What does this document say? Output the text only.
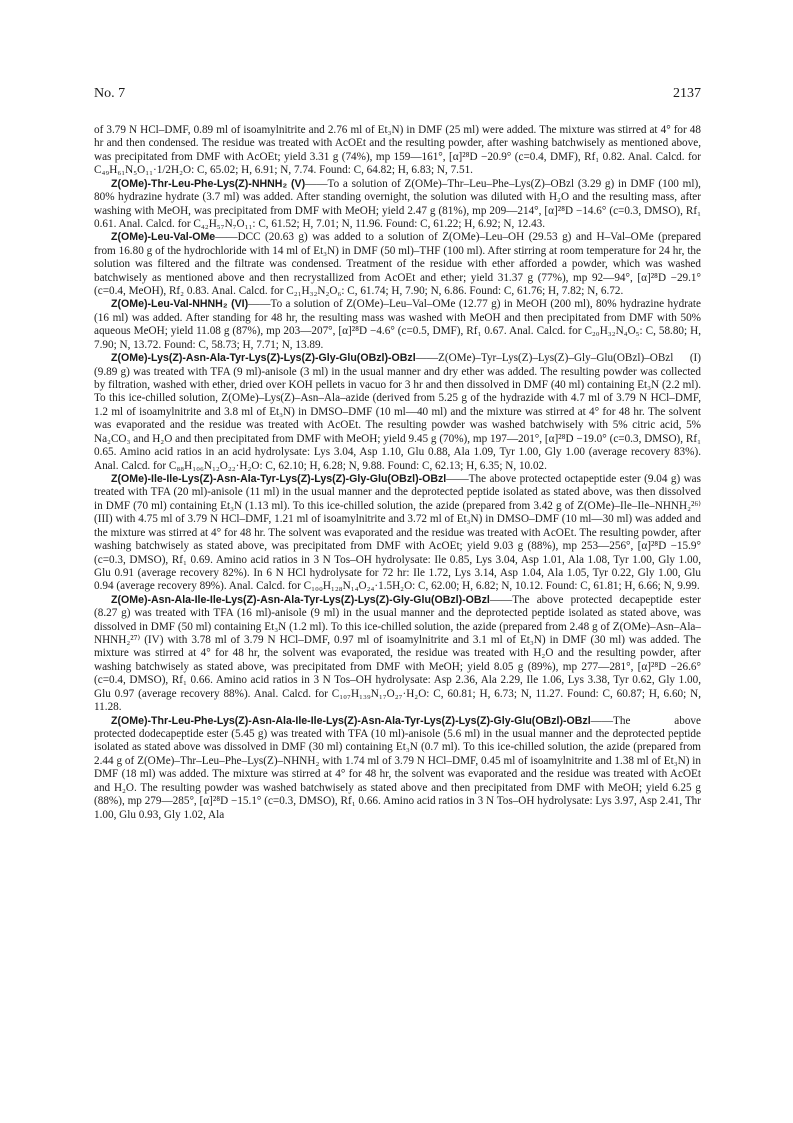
No. 7	2137

of 3.79 N HCl–DMF, 0.89 ml of isoamylnitrite and 2.76 ml of Et₃N) in DMF (25 ml) were added. The mixture was stirred at 4° for 48 hr and then condensed. The residue was treated with AcOEt and the resulting powder, after washing batchwisely as mentioned above, was precipitated from DMF with AcOEt; yield 3.31 g (74%), mp 159—161°, [α]²⁸D −20.9° (c=0.4, DMF), Rf₁ 0.82. Anal. Calcd. for C₄₉H₆₁N₅O₁₁·1/2H₂O: C, 65.02; H, 6.91; N, 7.74. Found: C, 64.82; H, 6.83; N, 7.51.

Z(OMe)-Thr-Leu-Phe-Lys(Z)-NHNH₂ (V)——To a solution of Z(OMe)–Thr–Leu–Phe–Lys(Z)–OBzl (3.29 g) in DMF (100 ml), 80% hydrazine hydrate (3.7 ml) was added. After standing overnight, the solution was diluted with H₂O and the resulting mass, after washing with MeOH, was precipitated from DMF with MeOH; yield 2.47 g (81%), mp 209—214°, [α]²⁸D −14.6° (c=0.3, DMSO), Rf₁ 0.61. Anal. Calcd. for C₄₂H₅₇N₇O₁₁: C, 61.52; H, 7.01; N, 11.96. Found: C, 61.22; H, 6.92; N, 12.43.

Z(OMe)-Leu-Val-OMe——DCC (20.63 g) was added to a solution of Z(OMe)–Leu–OH (29.53 g) and H–Val–OMe (prepared from 16.80 g of the hydrochloride with 14 ml of Et₃N) in DMF (50 ml)–THF (100 ml). After stirring at room temperature for 24 hr, the solution was filtered and the filtrate was condensed. Treatment of the residue with ether afforded a powder, which was washed batchwisely as mentioned above and then recrystallized from AcOEt and ether; yield 31.37 g (77%), mp 92—94°, [α]²⁸D −29.1° (c=0.4, MeOH), Rf₂ 0.83. Anal. Calcd. for C₂₁H₃₂N₂O₆: C, 61.74; H, 7.90; N, 6.86. Found: C, 61.76; H, 7.82; N, 6.72.

Z(OMe)-Leu-Val-NHNH₂ (VI)——To a solution of Z(OMe)–Leu–Val–OMe (12.77 g) in MeOH (200 ml), 80% hydrazine hydrate (16 ml) was added. After standing for 48 hr, the resulting mass was washed with MeOH and then precipitated from DMF with 50% aqueous MeOH; yield 11.08 g (87%), mp 203—207°, [α]²⁸D −4.6° (c=0.5, DMF), Rf₁ 0.67. Anal. Calcd. for C₂₀H₃₂N₄O₅: C, 58.80; H, 7.90; N, 13.72. Found: C, 58.73; H, 7.71; N, 13.89.

Z(OMe)-Lys(Z)-Asn-Ala-Tyr-Lys(Z)-Lys(Z)-Gly-Glu(OBzl)-OBzl——Z(OMe)–Tyr–Lys(Z)–Lys(Z)–Gly–Glu(OBzl)–OBzl (I) (9.89 g) was treated with TFA (9 ml)-anisole (3 ml) in the usual manner and dry ether was added. The resulting powder was collected by filtration, washed with ether, dried over KOH pellets in vacuo for 3 hr and then dissolved in DMF (40 ml) containing Et₃N (2.2 ml). To this ice-chilled solution, Z(OMe)–Lys(Z)–Asn–Ala–azide (derived from 5.25 g of the hydrazide with 4.7 ml of 3.79 N HCl–DMF, 1.2 ml of isoamylnitrite and 3.8 ml of Et₃N) in DMSO–DMF (10 ml—40 ml) and the mixture was stirred at 4° for 48 hr. The solvent was evaporated and the residue was treated with AcOEt. The resulting powder was washed batchwisely with 5% citric acid, 5% Na₂CO₃ and H₂O and then precipitated from DMF with MeOH; yield 9.45 g (70%), mp 197—201°, [α]²⁸D −19.0° (c=0.3, DMSO), Rf₁ 0.65. Amino acid ratios in an acid hydrolysate: Lys 3.04, Asp 1.10, Glu 0.88, Ala 1.09, Tyr 1.00, Gly 1.00 (average recovery 83%). Anal. Calcd. for C₈₈H₁₀₆N₁₂O₂₂·H₂O: C, 62.10; H, 6.28; N, 9.88. Found: C, 62.13; H, 6.35; N, 10.02.

Z(OMe)-Ile-Ile-Lys(Z)-Asn-Ala-Tyr-Lys(Z)-Lys(Z)-Gly-Glu(OBzl)-OBzl——The above protected octapeptide ester (9.04 g) was treated with TFA (20 ml)-anisole (11 ml) in the usual manner and the deprotected peptide isolated as stated above, was then dissolved in DMF (70 ml) containing Et₃N (1.13 ml). To this ice-chilled solution, the azide (prepared from 3.42 g of Z(OMe)–Ile–Ile–NHNH₂²⁶⁾ (III) with 4.75 ml of 3.79 N HCl–DMF, 1.21 ml of isoamylnitrite and 3.72 ml of Et₃N) in DMSO–DMF (10 ml—30 ml) was added and the mixture was stirred at 4° for 48 hr. The solvent was evaporated and the residue was treated with AcOEt. The resulting powder, after washing batchwisely as stated above, was precipitated from DMF with AcOEt; yield 9.03 g (88%), mp 253—256°, [α]²⁸D −15.9° (c=0.3, DMSO), Rf₁ 0.69. Amino acid ratios in 3 N Tos–OH hydrolysate: Ile 0.85, Lys 3.04, Asp 1.01, Ala 1.08, Tyr 1.00, Gly 1.00, Glu 0.91 (average recovery 82%). In 6 N HCl hydrolysate for 72 hr: Ile 1.72, Lys 3.14, Asp 1.04, Ala 1.05, Tyr 0.22, Gly 1.00, Glu 0.94 (average recovery 89%). Anal. Calcd. for C₁₀₀H₁₂₈N₁₄O₂₄·1.5H₂O: C, 62.00; H, 6.82; N, 10.12. Found: C, 61.81; H, 6.66; N, 9.99.

Z(OMe)-Asn-Ala-Ile-Ile-Lys(Z)-Asn-Ala-Tyr-Lys(Z)-Lys(Z)-Gly-Glu(OBzl)-OBzl——The above protected decapeptide ester (8.27 g) was treated with TFA (16 ml)-anisole (9 ml) in the usual manner and the deprotected peptide isolated as stated above, was dissolved in DMF (50 ml) containing Et₃N (1.2 ml). To this ice-chilled solution, the azide (prepared from 2.48 g of Z(OMe)–Asn–Ala–NHNH₂²⁷⁾ (IV) with 3.78 ml of 3.79 N HCl–DMF, 0.97 ml of isoamylnitrite and 3.1 ml of Et₃N) in DMF (30 ml) was added. The mixture was stirred at 4° for 48 hr, the solvent was evaporated, the residue was treated with H₂O and the resulting powder, after washing batchwisely as stated above, was precipitated from DMF with MeOH; yield 8.05 g (89%), mp 277—281°, [α]²⁸D −26.6° (c=0.4, DMSO), Rf₁ 0.66. Amino acid ratios in 3 N Tos–OH hydrolysate: Asp 2.36, Ala 2.29, Ile 1.06, Lys 3.38, Tyr 0.62, Gly 1.00, Glu 0.97 (average recovery 88%). Anal. Calcd. for C₁₀₇H₁₃₉N₁₇O₂₇·H₂O: C, 60.81; H, 6.73; N, 11.27. Found: C, 60.87; H, 6.60; N, 11.28.

Z(OMe)-Thr-Leu-Phe-Lys(Z)-Asn-Ala-Ile-Ile-Lys(Z)-Asn-Ala-Tyr-Lys(Z)-Lys(Z)-Gly-Glu(OBzl)-OBzl——The above protected dodecapeptide ester (5.45 g) was treated with TFA (10 ml)-anisole (5.6 ml) in the usual manner and the deprotected peptide isolated as stated above was dissolved in DMF (30 ml) containing Et₃N (0.7 ml). To this ice-chilled solution, the azide (prepared from 2.44 g of Z(OMe)–Thr–Leu–Phe–Lys(Z)–NHNH₂ with 1.74 ml of 3.79 N HCl–DMF, 0.45 ml of isoamylnitrite and 1.38 ml of Et₃N) in DMF (18 ml) was added. The mixture was stirred at 4° for 48 hr, the solvent was evaporated and the residue was treated with AcOEt and H₂O. The resulting powder was washed batchwisely as stated above and then precipitated from DMF with MeOH; yield 6.25 g (88%), mp 279—285°, [α]²⁸D −15.1° (c=0.3, DMSO), Rf₁ 0.66. Amino acid ratios in 3 N Tos–OH hydrolysate: Lys 3.97, Asp 2.41, Thr 1.00, Glu 0.93, Gly 1.02, Ala
